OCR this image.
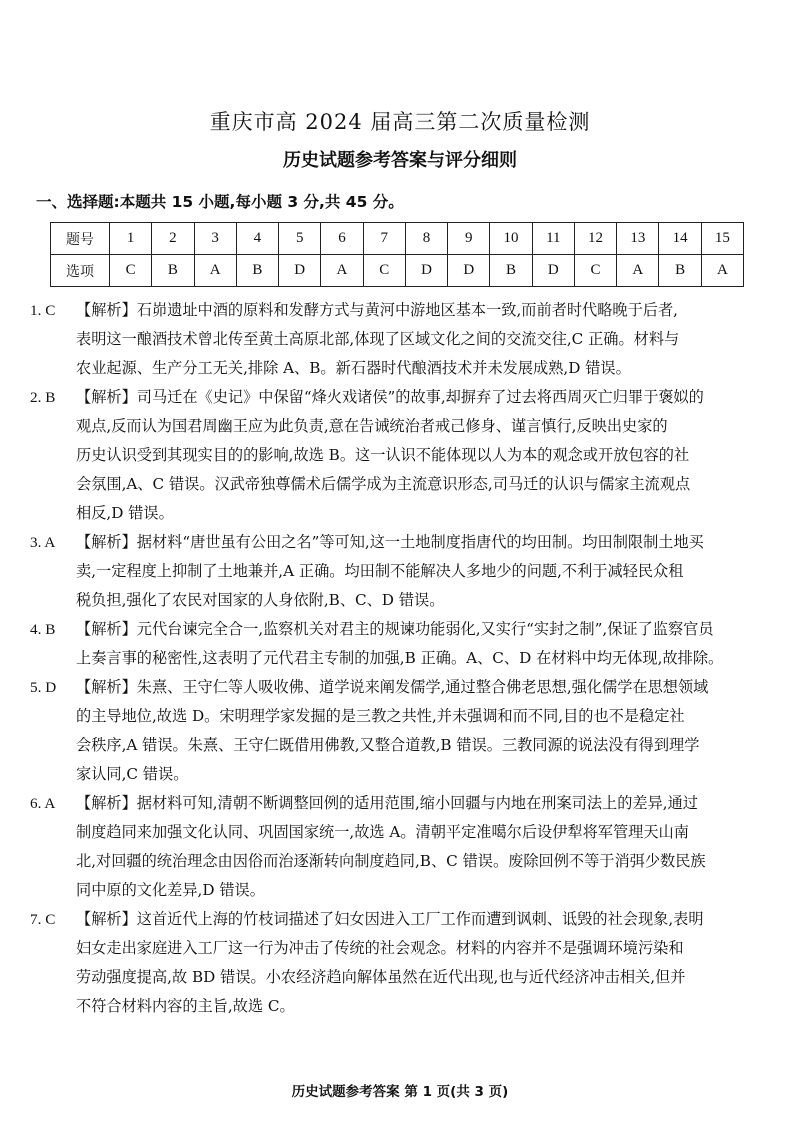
重庆市高 2024 届高三第二次质量检测
历史试题参考答案与评分细则
一、选择题:本题共 15 小题,每小题 3 分,共 45 分。
题号	1	2	3	4	5	6	7	8	9	10	11	12	13	14	15
选项	C	B	A	B	D	A	C	D	D	B	D	C	A	B	A
1. C 【解析】石峁遗址中酒的原料和发酵方式与黄河中游地区基本一致,而前者时代略晚于后者,
表明这一酿酒技术曾北传至黄土高原北部,体现了区域文化之间的交流交往,C 正确。材料与
农业起源、生产分工无关,排除 A、B。新石器时代酿酒技术并未发展成熟,D 错误。
2. B 【解析】司马迁在《史记》中保留“烽火戏诸侯”的故事,却摒弃了过去将西周灭亡归罪于褒姒的
观点,反而认为国君周幽王应为此负责,意在告诫统治者戒己修身、谨言慎行,反映出史家的
历史认识受到其现实目的的影响,故选 B。这一认识不能体现以人为本的观念或开放包容的社
会氛围,A、C 错误。汉武帝独尊儒术后儒学成为主流意识形态,司马迁的认识与儒家主流观点
相反,D 错误。
3. A 【解析】据材料“唐世虽有公田之名”等可知,这一土地制度指唐代的均田制。均田制限制土地买
卖,一定程度上抑制了土地兼并,A 正确。均田制不能解决人多地少的问题,不利于减轻民众租
税负担,强化了农民对国家的人身依附,B、C、D 错误。
4. B 【解析】元代台谏完全合一,监察机关对君主的规谏功能弱化,又实行“实封之制”,保证了监察官员
上奏言事的秘密性,这表明了元代君主专制的加强,B 正确。A、C、D 在材料中均无体现,故排除。
5. D 【解析】朱熹、王守仁等人吸收佛、道学说来阐发儒学,通过整合佛老思想,强化儒学在思想领域
的主导地位,故选 D。宋明理学家发掘的是三教之共性,并未强调和而不同,目的也不是稳定社
会秩序,A 错误。朱熹、王守仁既借用佛教,又整合道教,B 错误。三教同源的说法没有得到理学
家认同,C 错误。
6. A 【解析】据材料可知,清朝不断调整回例的适用范围,缩小回疆与内地在刑案司法上的差异,通过
制度趋同来加强文化认同、巩固国家统一,故选 A。清朝平定准噶尔后设伊犁将军管理天山南
北,对回疆的统治理念由因俗而治逐渐转向制度趋同,B、C 错误。废除回例不等于消弭少数民族
同中原的文化差异,D 错误。
7. C 【解析】这首近代上海的竹枝词描述了妇女因进入工厂工作而遭到讽刺、诋毁的社会现象,表明
妇女走出家庭进入工厂这一行为冲击了传统的社会观念。材料的内容并不是强调环境污染和
劳动强度提高,故 BD 错误。小农经济趋向解体虽然在近代出现,也与近代经济冲击相关,但并
不符合材料内容的主旨,故选 C。
历史试题参考答案 第 1 页(共 3 页)
